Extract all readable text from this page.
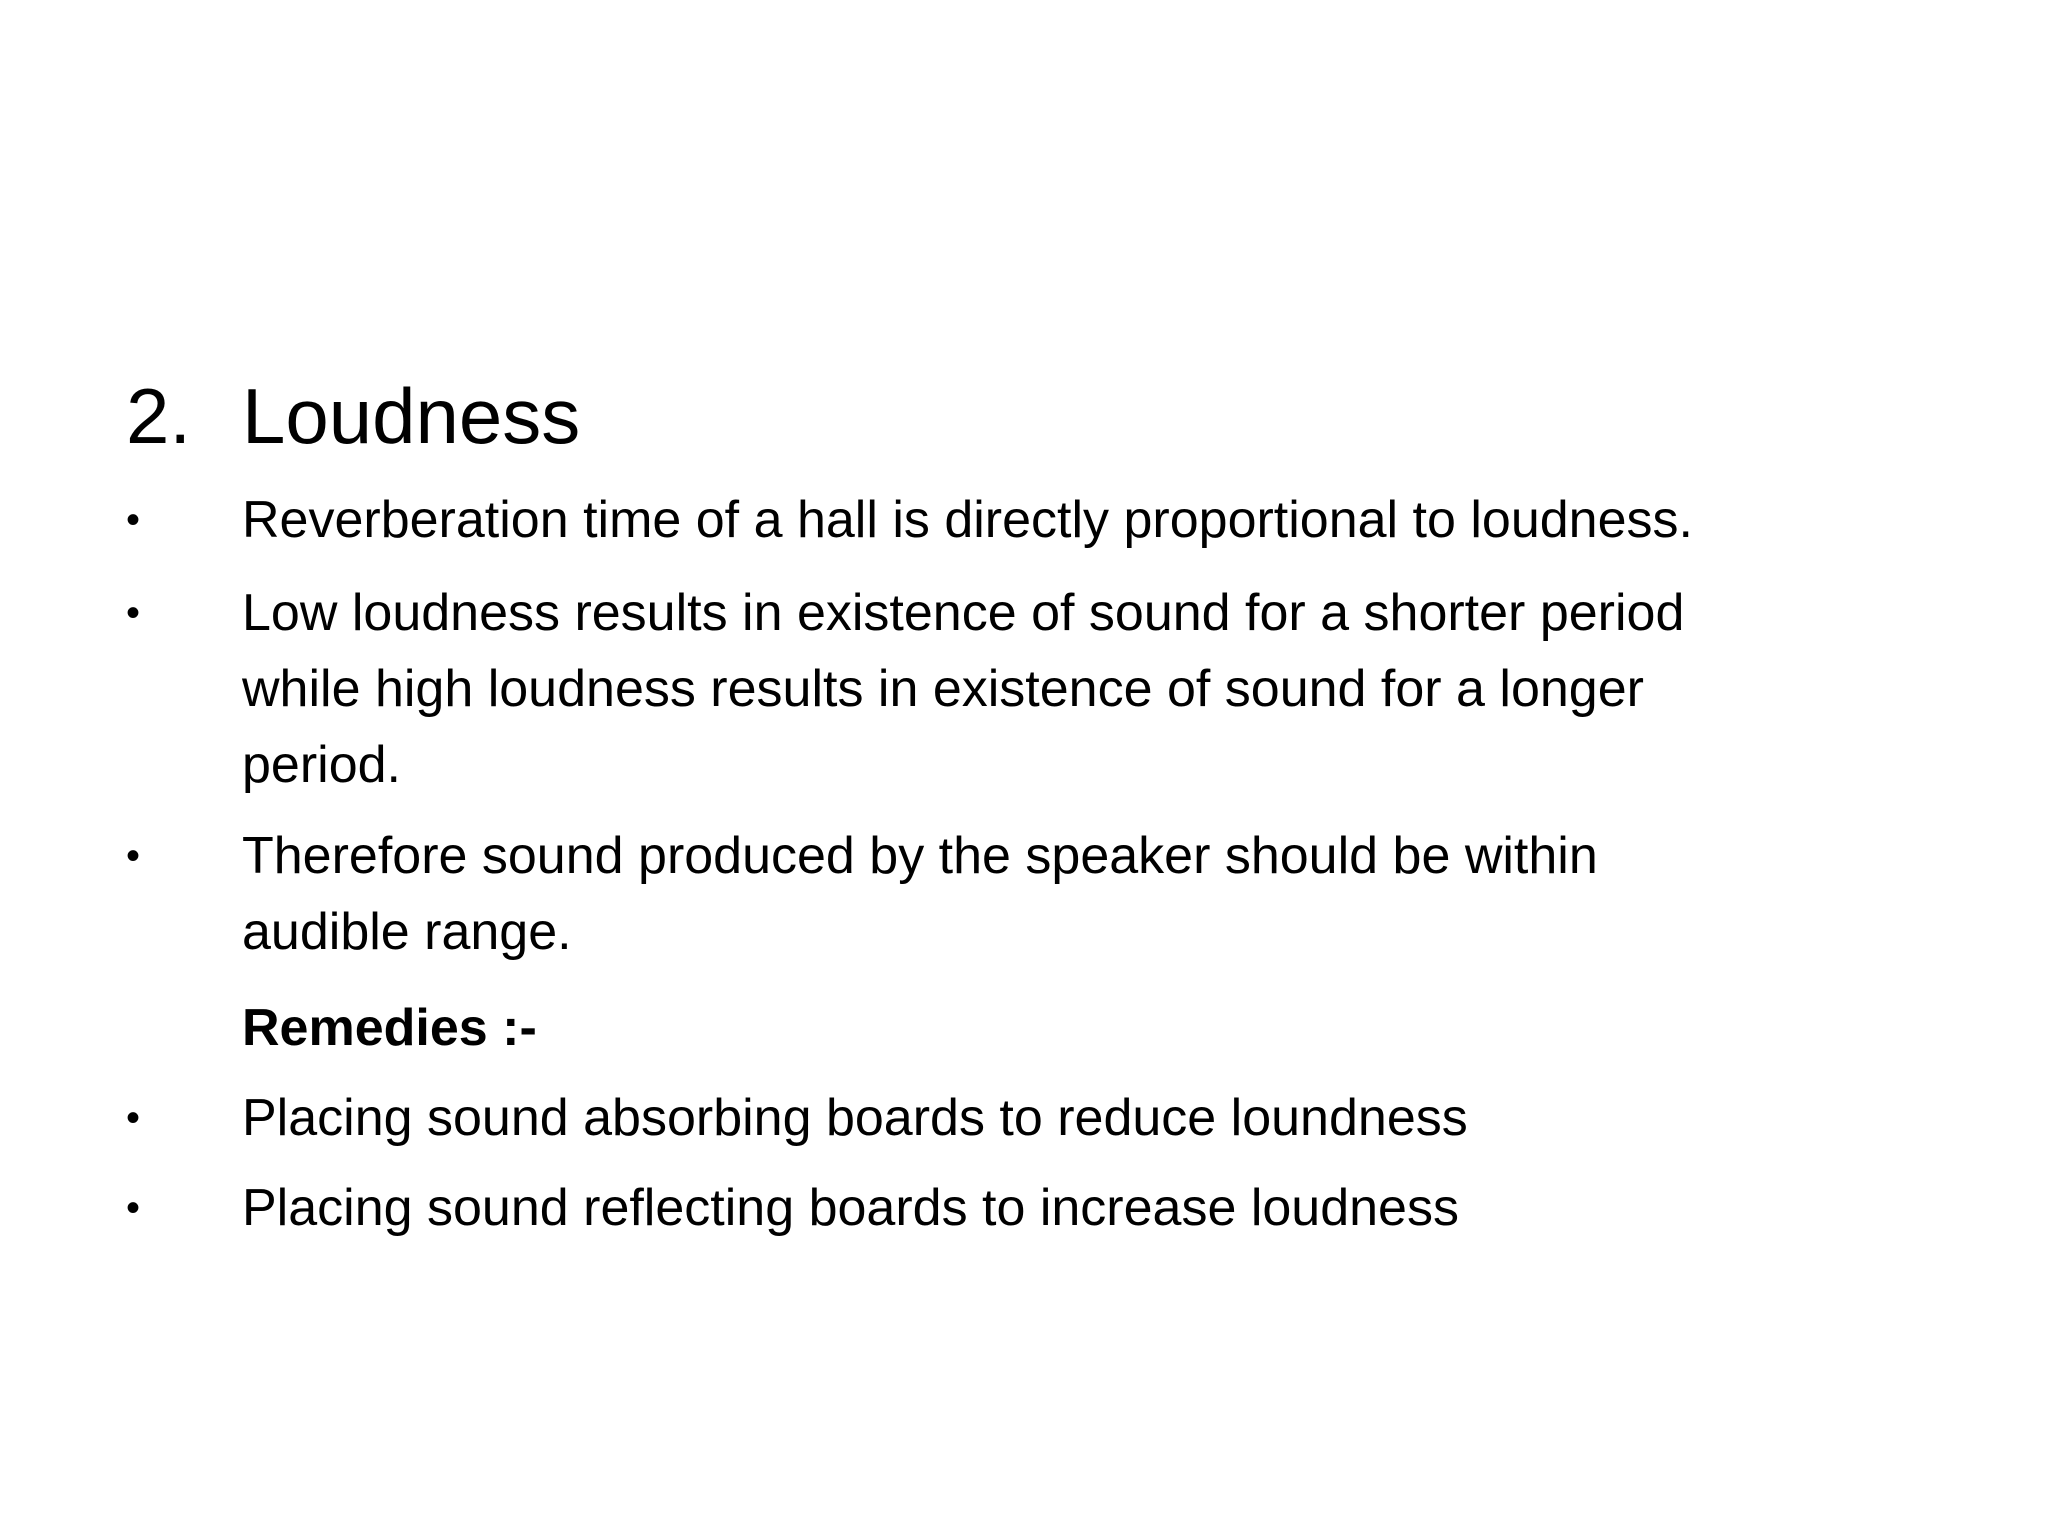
2. Loudness
•	Reverberation time of a hall is directly proportional to loudness.
•	Low loudness results in existence of sound for a shorter period
while high loudness results in existence of sound for a longer
period.
•	Therefore sound produced by the speaker should be within
audible range.
Remedies :-
•	Placing sound absorbing boards to reduce loundness
•	Placing sound reflecting boards to increase loudness
